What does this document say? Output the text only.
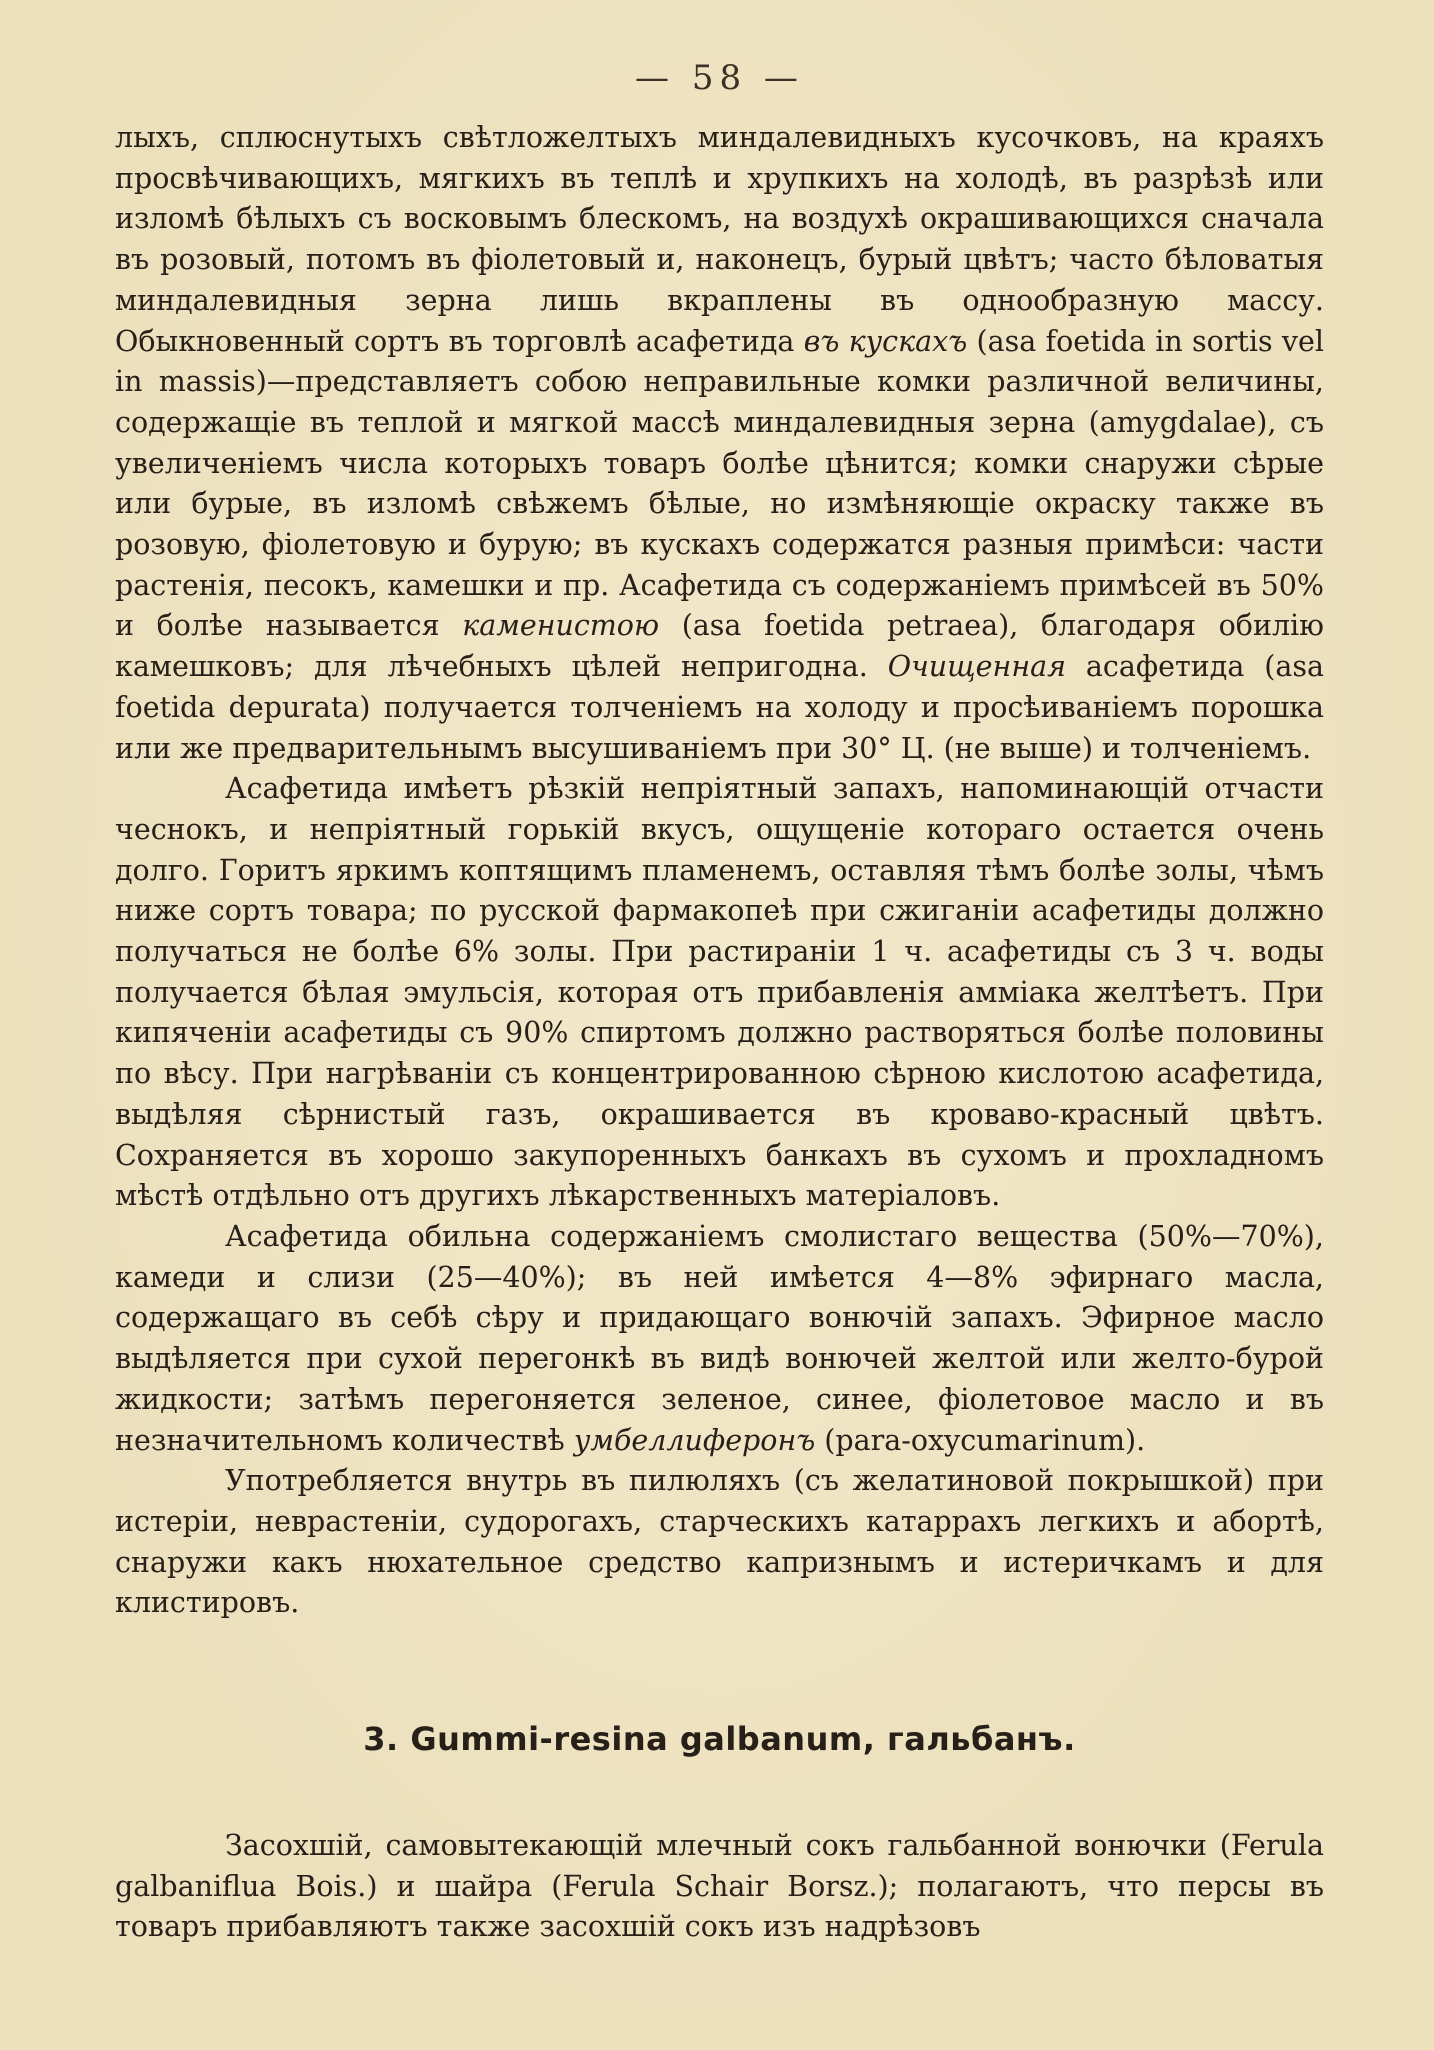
— 58 —

лыхъ, сплюснутыхъ свѣтложелтыхъ миндалевидныхъ кусочковъ, на краяхъ просвѣчивающихъ, мягкихъ въ теплѣ и хрупкихъ на холодѣ, въ разрѣзѣ или изломѣ бѣлыхъ съ восковымъ блескомъ, на воздухѣ окрашивающихся сначала въ розовый, потомъ въ фіолетовый и, наконецъ, бурый цвѣтъ; часто бѣловатыя миндалевидныя зерна лишь вкраплены въ однообразную массу. Обыкновенный сортъ въ торговлѣ асафетида въ кускахъ (asa foetida in sortis vel in massis)—представляетъ собою неправильные комки различной величины, содержащіе въ теплой и мягкой массѣ миндалевидныя зерна (amygdalae), съ увеличеніемъ числа которыхъ товаръ болѣе цѣнится; комки снаружи сѣрые или бурые, въ изломѣ свѣжемъ бѣлые, но измѣняющіе окраску также въ розовую, фіолетовую и бурую; въ кускахъ содержатся разныя примѣси: части растенія, песокъ, камешки и пр. Асафетида съ содержаніемъ примѣсей въ 50% и болѣе называется каменистою (asa foetida petraea), благодаря обилію камешковъ; для лѣчебныхъ цѣлей непригодна. Очищенная асафетида (asa foetida depurata) получается толченіемъ на холоду и просѣиваніемъ порошка или же предварительнымъ высушиваніемъ при 30° Ц. (не выше) и толченіемъ.

Асафетида имѣетъ рѣзкій непріятный запахъ, напоминающій отчасти чеснокъ, и непріятный горькій вкусъ, ощущеніе котораго остается очень долго. Горитъ яркимъ коптящимъ пламенемъ, оставляя тѣмъ болѣе золы, чѣмъ ниже сортъ товара; по русской фармакопеѣ при сжиганіи асафетиды должно получаться не болѣе 6% золы. При растираніи 1 ч. асафетиды съ 3 ч. воды получается бѣлая эмульсія, которая отъ прибавленія аммiака желтѣетъ. При кипяченіи асафетиды съ 90% спиртомъ должно растворяться болѣе половины по вѣсу. При нагрѣваніи съ концентрированною сѣрною кислотою асафетида, выдѣляя сѣрнистый газъ, окрашивается въ кроваво-красный цвѣтъ. Сохраняется въ хорошо закупоренныхъ банкахъ въ сухомъ и прохладномъ мѣстѣ отдѣльно отъ другихъ лѣкарственныхъ матеріаловъ.

Асафетида обильна содержаніемъ смолистаго вещества (50%—70%), камеди и слизи (25—40%); въ ней имѣется 4—8% эфирнаго масла, содержащаго въ себѣ сѣру и придающаго вонючій запахъ. Эфирное масло выдѣляется при сухой перегонкѣ въ видѣ вонючей желтой или желто-бурой жидкости; затѣмъ перегоняется зеленое, синее, фіолетовое масло и въ незначительномъ количествѣ умбеллиферонъ (para-oxycumarinum).

Употребляется внутрь въ пилюляхъ (съ желатиновой покрышкой) при истеріи, неврастеніи, судорогахъ, старческихъ катаррахъ легкихъ и абортѣ, снаружи какъ нюхательное средство капризнымъ и истеричкамъ и для клистировъ.

3. Gummi-resina galbanum, гальбанъ.

Засохшій, самовытекающій млечный сокъ гальбанной вонючки (Ferula galbaniflua Bois.) и шайра (Ferula Schair Borsz.); полагаютъ, что персы въ товаръ прибавляютъ также засохшій сокъ изъ надрѣзовъ
